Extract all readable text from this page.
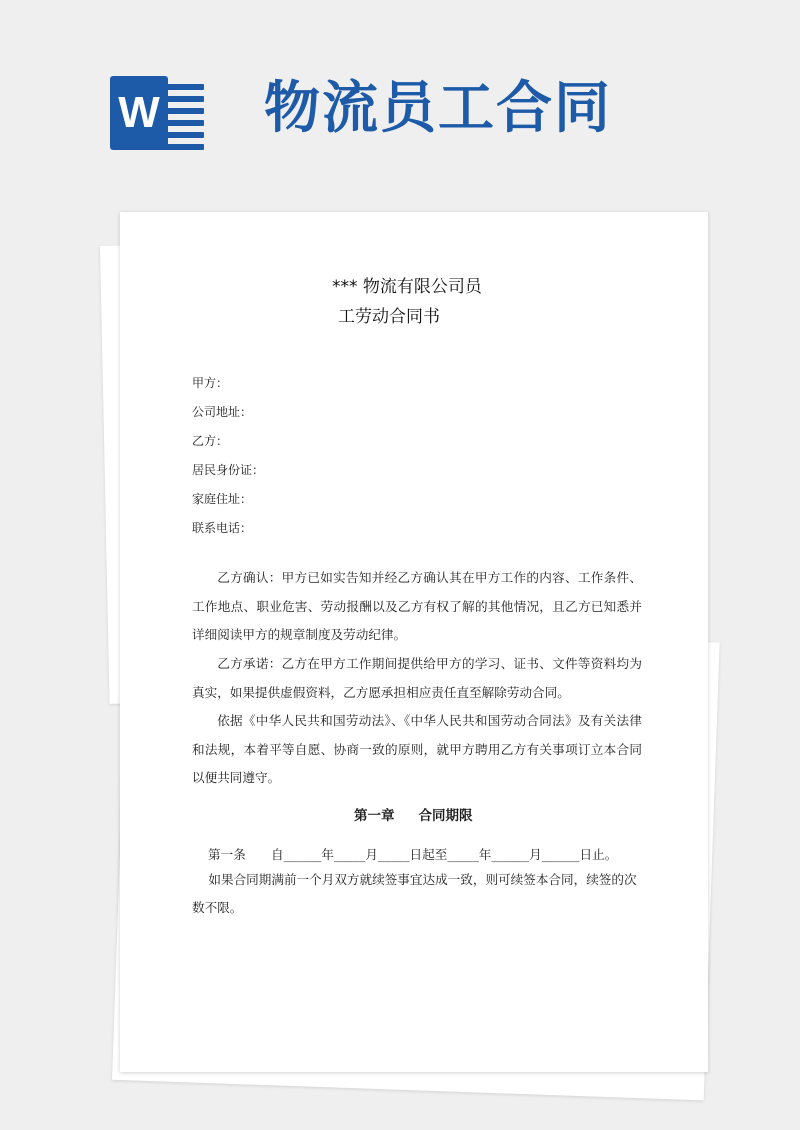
W 物流员工合同
*** 物流有限公司员
工劳动合同书
甲方：
公司地址：
乙方：
居民身份证：
家庭住址：
联系电话：
乙方确认：甲方已如实告知并经乙方确认其在甲方工作的内容、工作条件、工作地点、职业危害、劳动报酬以及乙方有权了解的其他情况，且乙方已知悉并详细阅读甲方的规章制度及劳动纪律。
乙方承诺：乙方在甲方工作期间提供给甲方的学习、证书、文件等资料均为真实，如果提供虚假资料，乙方愿承担相应责任直至解除劳动合同。
依据《中华人民共和国劳动法》、《中华人民共和国劳动合同法》及有关法律和法规，本着平等自愿、协商一致的原则，就甲方聘用乙方有关事项订立本合同以便共同遵守。
第一章 合同期限
第一条　　自______年_____月_____日起至_____年______月______日止。
如果合同期满前一个月双方就续签事宜达成一致，则可续签本合同，续签的次数不限。
